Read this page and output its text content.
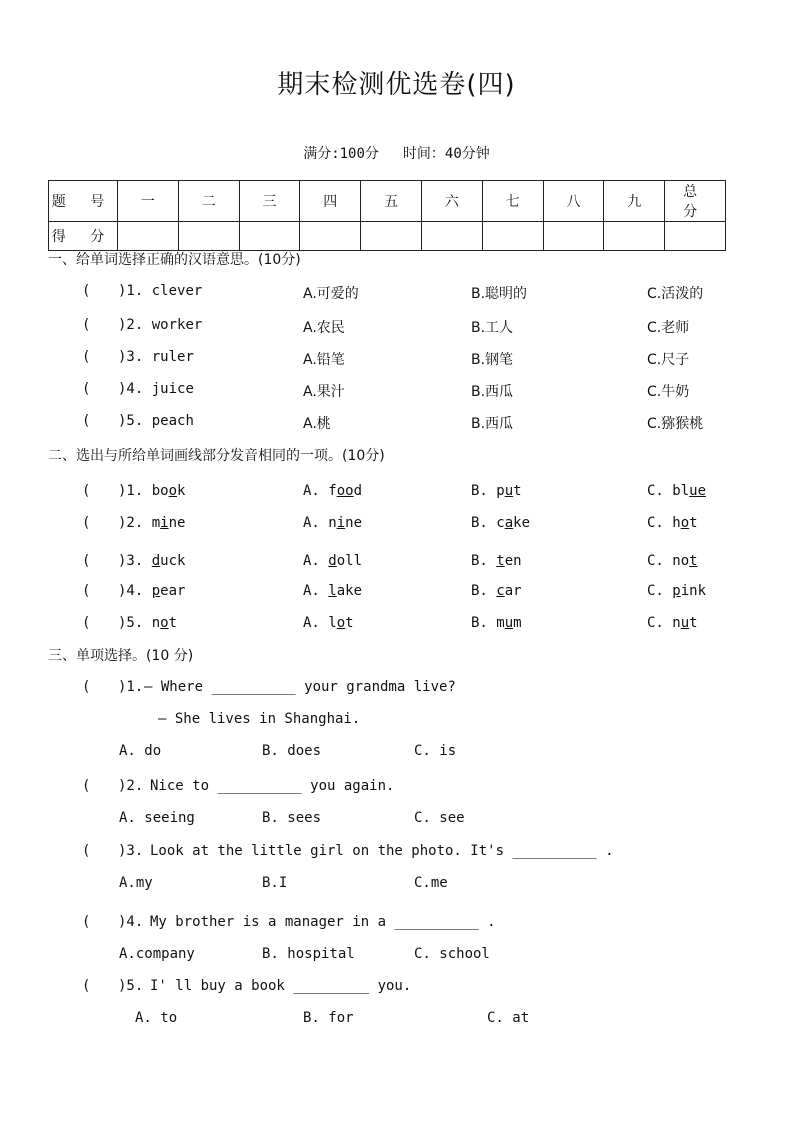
期末检测优选卷(四)
满分:100分 时间：40分钟
题 号	一	二	三	四	五	六	七	八	九	总 分
得 分										
一、给单词选择正确的汉语意思。(10分)
( )1. clever	A.可爱的	B.聪明的	C.活泼的
( )2. worker	A.农民	B.工人	C.老师
( )3. ruler	A.铅笔	B.钢笔	C.尺子
( )4. juice	A.果汁	B.西瓜	C.牛奶
( )5. peach	A.桃	B.西瓜	C.猕猴桃
二、选出与所给单词画线部分发音相同的一项。(10分)
( )1. book	A. food	B. put	C. blue
( )2. mine	A. nine	B. cake	C. hot
( )3. duck	A. doll	B. ten	C. not
( )4. pear	A. lake	B. car	C. pink
( )5. not	A. lot	B. mum	C. nut
三、单项选择。(10 分)
( )1. — Where __________ your grandma live?
— She lives in Shanghai.
A. do	B. does	C. is
( )2. Nice to __________ you again.
A. seeing	B. sees	C. see
( )3. Look at the little girl on the photo. It's __________ .
A.my	B.I	C.me
( )4. My brother is a manager in a __________ .
A.company	B. hospital	C. school
( )5. I' ll buy a book _________ you.
A. to	B. for	C. at
